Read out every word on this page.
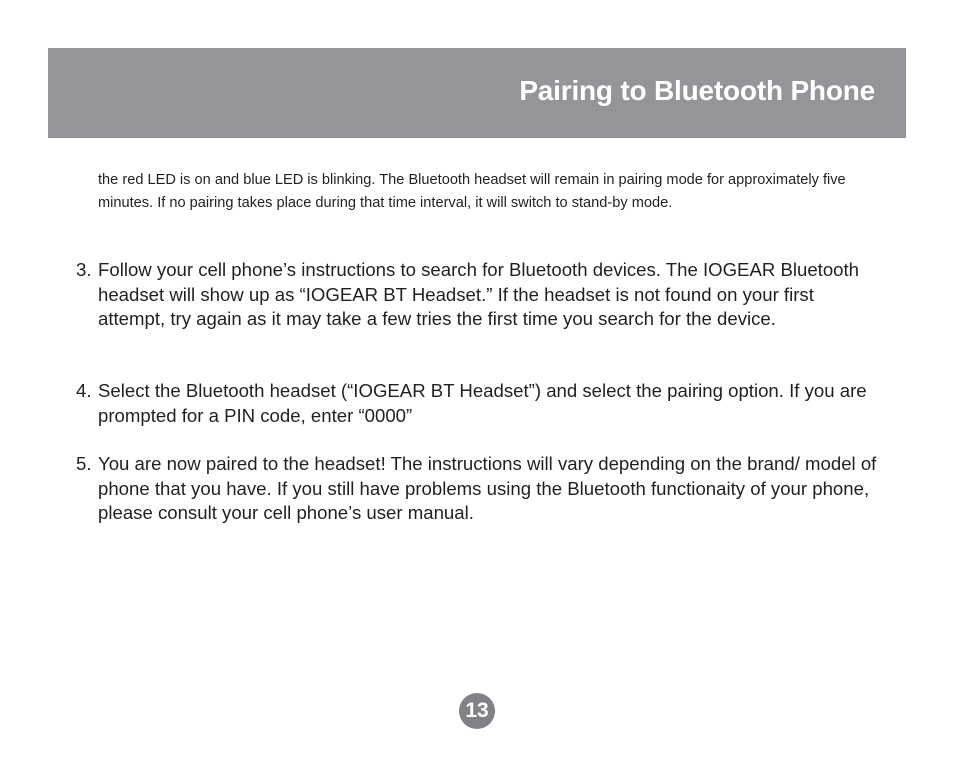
Pairing to Bluetooth Phone

the red LED is on and blue LED is blinking. The Bluetooth headset will remain in pairing mode for approximately five minutes. If no pairing takes place during that time interval, it will switch to stand-by mode.

3. Follow your cell phone’s instructions to search for Bluetooth devices. The IOGEAR Bluetooth headset will show up as “IOGEAR BT Headset.” If the headset is not found on your first attempt, try again as it may take a few tries the first time you search for the device.
4. Select the Bluetooth headset (“IOGEAR BT Headset”) and select the pairing option. If you are prompted for a PIN code, enter “0000”
5. You are now paired to the headset! The instructions will vary depending on the brand/ model of phone that you have. If you still have problems using the Bluetooth functionaity of your phone, please consult your cell phone’s user manual.
13
